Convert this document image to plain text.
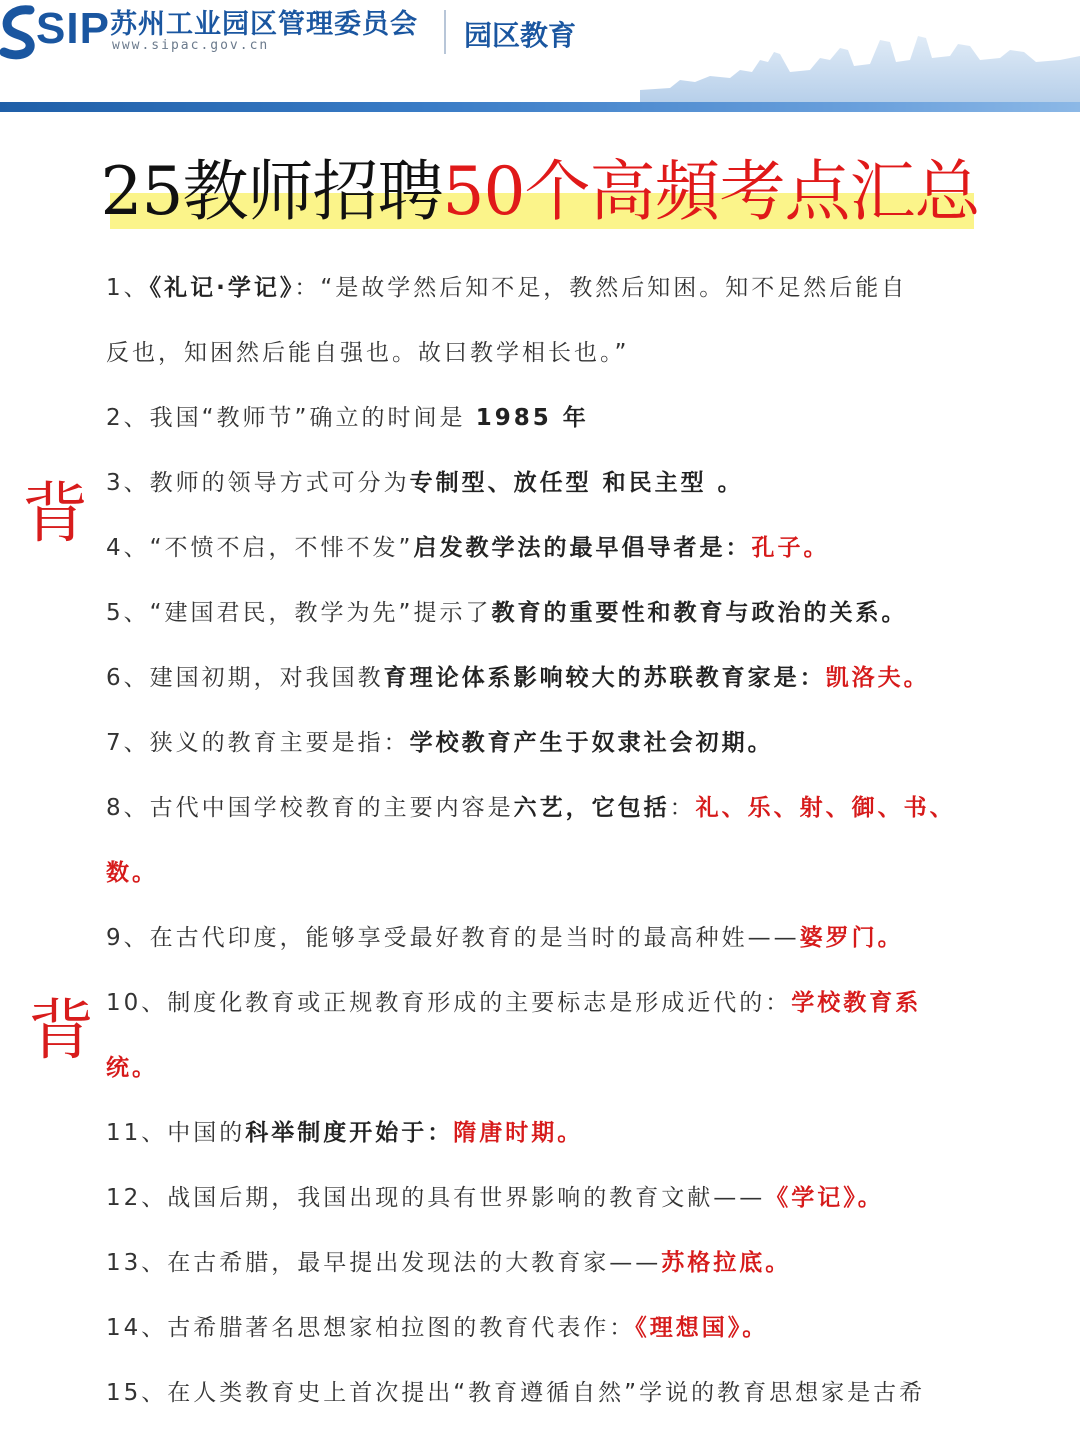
SIP 苏州工业园区管理委员会
www.sipac.gov.cn	园区教育
25教师招聘50个高頻考点汇总
背
背

1、《礼记·学记》：“是故学然后知不足，教然后知困。知不足然后能自

反也，知困然后能自强也。故曰教学相长也。”

2、我国“教师节”确立的时间是 1985 年

3、教师的领导方式可分为专制型、放任型 和民主型 。

4、“不愤不启，不悱不发”启发教学法的最早倡导者是：孔子。

5、“建国君民，教学为先”提示了教育的重要性和教育与政治的关系。

6、建国初期，对我国教育理论体系影响较大的苏联教育家是：凯洛夫。

7、狭义的教育主要是指：学校教育产生于奴隶社会初期。

8、古代中国学校教育的主要内容是六艺，它包括：礼、乐、射、御、书、

数。

9、在古代印度，能够享受最好教育的是当时的最高种姓——婆罗门。

10、制度化教育或正规教育形成的主要标志是形成近代的：学校教育系

统。

11、中国的科举制度开始于：隋唐时期。

12、战国后期，我国出现的具有世界影响的教育文献——《学记》。

13、在古希腊，最早提出发现法的大教育家——苏格拉底。

14、古希腊著名思想家柏拉图的教育代表作：《理想国》。

15、在人类教育史上首次提出“教育遵循自然”学说的教育思想家是古希
